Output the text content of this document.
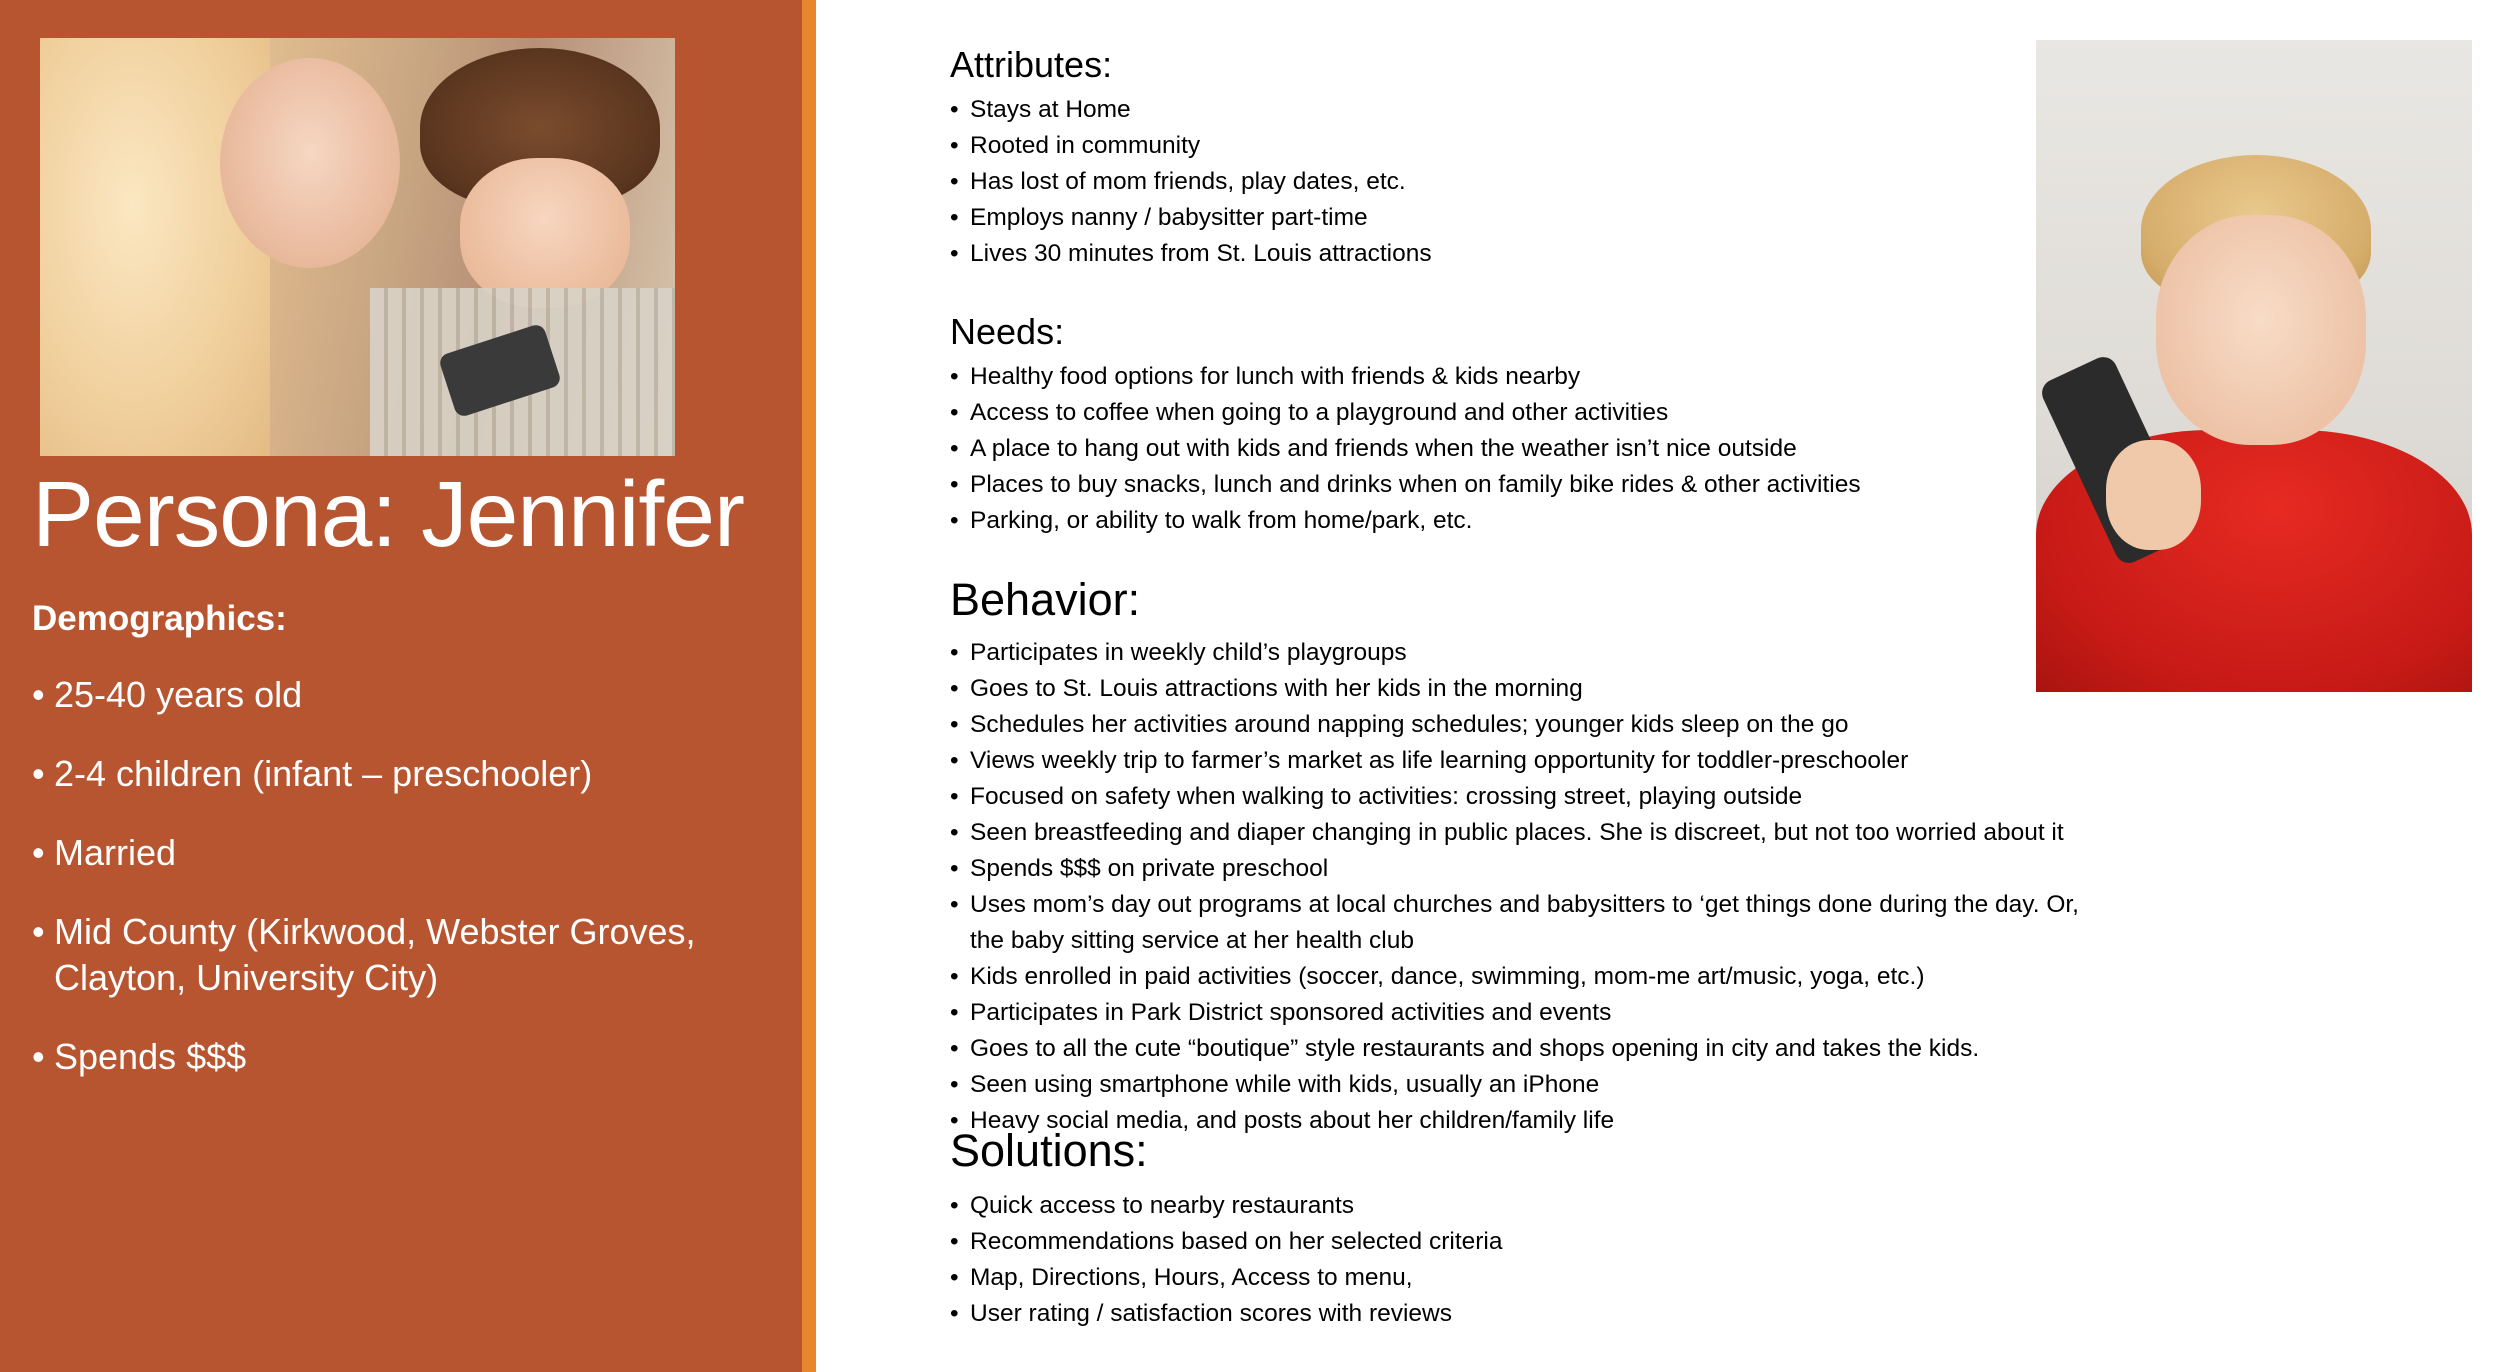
Persona: Jennifer
Demographics:
• 25-40 years old
• 2-4 children (infant – preschooler)
• Married
• Mid County (Kirkwood, Webster Groves, Clayton, University City)
• Spends $$$
Attributes:
• Stays at Home
• Rooted in community
• Has lost of mom friends, play dates, etc.
• Employs nanny / babysitter part-time
• Lives 30 minutes from St. Louis attractions
Needs:
• Healthy food options for lunch with friends & kids nearby
• Access to coffee when going to a playground and other activities
• A place to hang out with kids and friends when the weather isn’t nice outside
• Places to buy snacks, lunch and drinks when on family bike rides & other activities
• Parking, or ability to walk from home/park, etc.
Behavior:
• Participates in weekly child’s playgroups
• Goes to St. Louis attractions with her kids in the morning
• Schedules her activities around napping schedules; younger kids sleep on the go
• Views weekly trip to farmer’s market as life learning opportunity for toddler-preschooler
• Focused on safety when walking to activities: crossing street, playing outside
• Seen breastfeeding and diaper changing in public places. She is discreet, but not too worried about it
• Spends $$$ on private preschool
• Uses mom’s day out programs at local churches and babysitters to ‘get things done during the day. Or, the baby sitting service at her health club
• Kids enrolled in paid activities (soccer, dance, swimming, mom-me art/music, yoga, etc.)
• Participates in Park District sponsored activities and events
• Goes to all the cute “boutique” style restaurants and shops opening in city and takes the kids.
• Seen using smartphone while with kids, usually an iPhone
• Heavy social media, and posts about her children/family life
Solutions:
• Quick access to nearby restaurants
• Recommendations based on her selected criteria
• Map, Directions, Hours, Access to menu,
• User rating / satisfaction scores with reviews
